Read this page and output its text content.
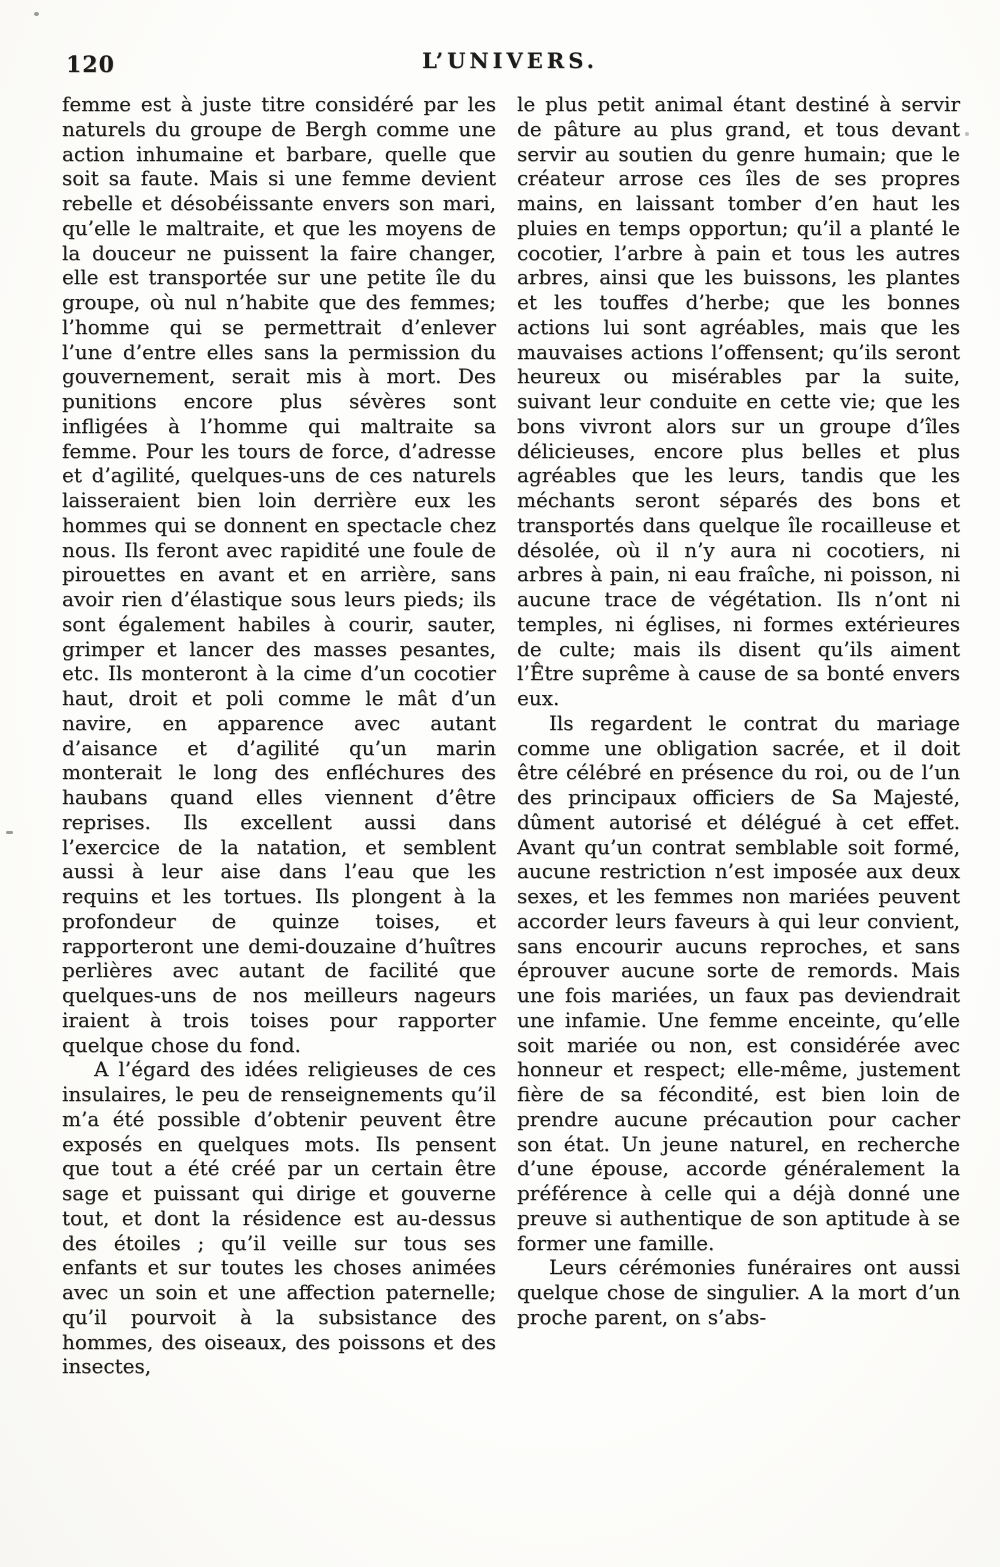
120	L’UNIVERS.

femme est à juste titre considéré par les naturels du groupe de Bergh comme une action inhumaine et barbare, quelle que soit sa faute. Mais si une femme devient rebelle et désobéissante envers son mari, qu’elle le maltraite, et que les moyens de la douceur ne puissent la faire changer, elle est transportée sur une petite île du groupe, où nul n’habite que des femmes; l’homme qui se permettrait d’enlever l’une d’entre elles sans la permission du gouvernement, serait mis à mort. Des punitions encore plus sévères sont infligées à l’homme qui maltraite sa femme. Pour les tours de force, d’adresse et d’agilité, quelques-uns de ces naturels laisseraient bien loin derrière eux les hommes qui se donnent en spectacle chez nous. Ils feront avec rapidité une foule de pirouettes en avant et en arrière, sans avoir rien d’élastique sous leurs pieds; ils sont également habiles à courir, sauter, grimper et lancer des masses pesantes, etc. Ils monteront à la cime d’un cocotier haut, droit et poli comme le mât d’un navire, en apparence avec autant d’aisance et d’agilité qu’un marin monterait le long des enfléchures des haubans quand elles viennent d’être reprises. Ils excellent aussi dans l’exercice de la natation, et semblent aussi à leur aise dans l’eau que les requins et les tortues. Ils plongent à la profondeur de quinze toises, et rapporteront une demi-douzaine d’huîtres perlières avec autant de facilité que quelques-uns de nos meilleurs nageurs iraient à trois toises pour rapporter quelque chose du fond.

A l’égard des idées religieuses de ces insulaires, le peu de renseignements qu’il m’a été possible d’obtenir peuvent être exposés en quelques mots. Ils pensent que tout a été créé par un certain être sage et puissant qui dirige et gouverne tout, et dont la résidence est au-dessus des étoiles ; qu’il veille sur tous ses enfants et sur toutes les choses animées avec un soin et une affection paternelle; qu’il pourvoit à la subsistance des hommes, des oiseaux, des poissons et des insectes,

le plus petit animal étant destiné à servir de pâture au plus grand, et tous devant servir au soutien du genre humain; que le créateur arrose ces îles de ses propres mains, en laissant tomber d’en haut les pluies en temps opportun; qu’il a planté le cocotier, l’arbre à pain et tous les autres arbres, ainsi que les buissons, les plantes et les touffes d’herbe; que les bonnes actions lui sont agréables, mais que les mauvaises actions l’offensent; qu’ils seront heureux ou misérables par la suite, suivant leur conduite en cette vie; que les bons vivront alors sur un groupe d’îles délicieuses, encore plus belles et plus agréables que les leurs, tandis que les méchants seront séparés des bons et transportés dans quelque île rocailleuse et désolée, où il n’y aura ni cocotiers, ni arbres à pain, ni eau fraîche, ni poisson, ni aucune trace de végétation. Ils n’ont ni temples, ni églises, ni formes extérieures de culte; mais ils disent qu’ils aiment l’Être suprême à cause de sa bonté envers eux.

Ils regardent le contrat du mariage comme une obligation sacrée, et il doit être célébré en présence du roi, ou de l’un des principaux officiers de Sa Majesté, dûment autorisé et délégué à cet effet. Avant qu’un contrat semblable soit formé, aucune restriction n’est imposée aux deux sexes, et les femmes non mariées peuvent accorder leurs faveurs à qui leur convient, sans encourir aucuns reproches, et sans éprouver aucune sorte de remords. Mais une fois mariées, un faux pas deviendrait une infamie. Une femme enceinte, qu’elle soit mariée ou non, est considérée avec honneur et respect; elle-même, justement fière de sa fécondité, est bien loin de prendre aucune précaution pour cacher son état. Un jeune naturel, en recherche d’une épouse, accorde généralement la préférence à celle qui a déjà donné une preuve si authentique de son aptitude à se former une famille.

Leurs cérémonies funéraires ont aussi quelque chose de singulier. A la mort d’un proche parent, on s’abs-
